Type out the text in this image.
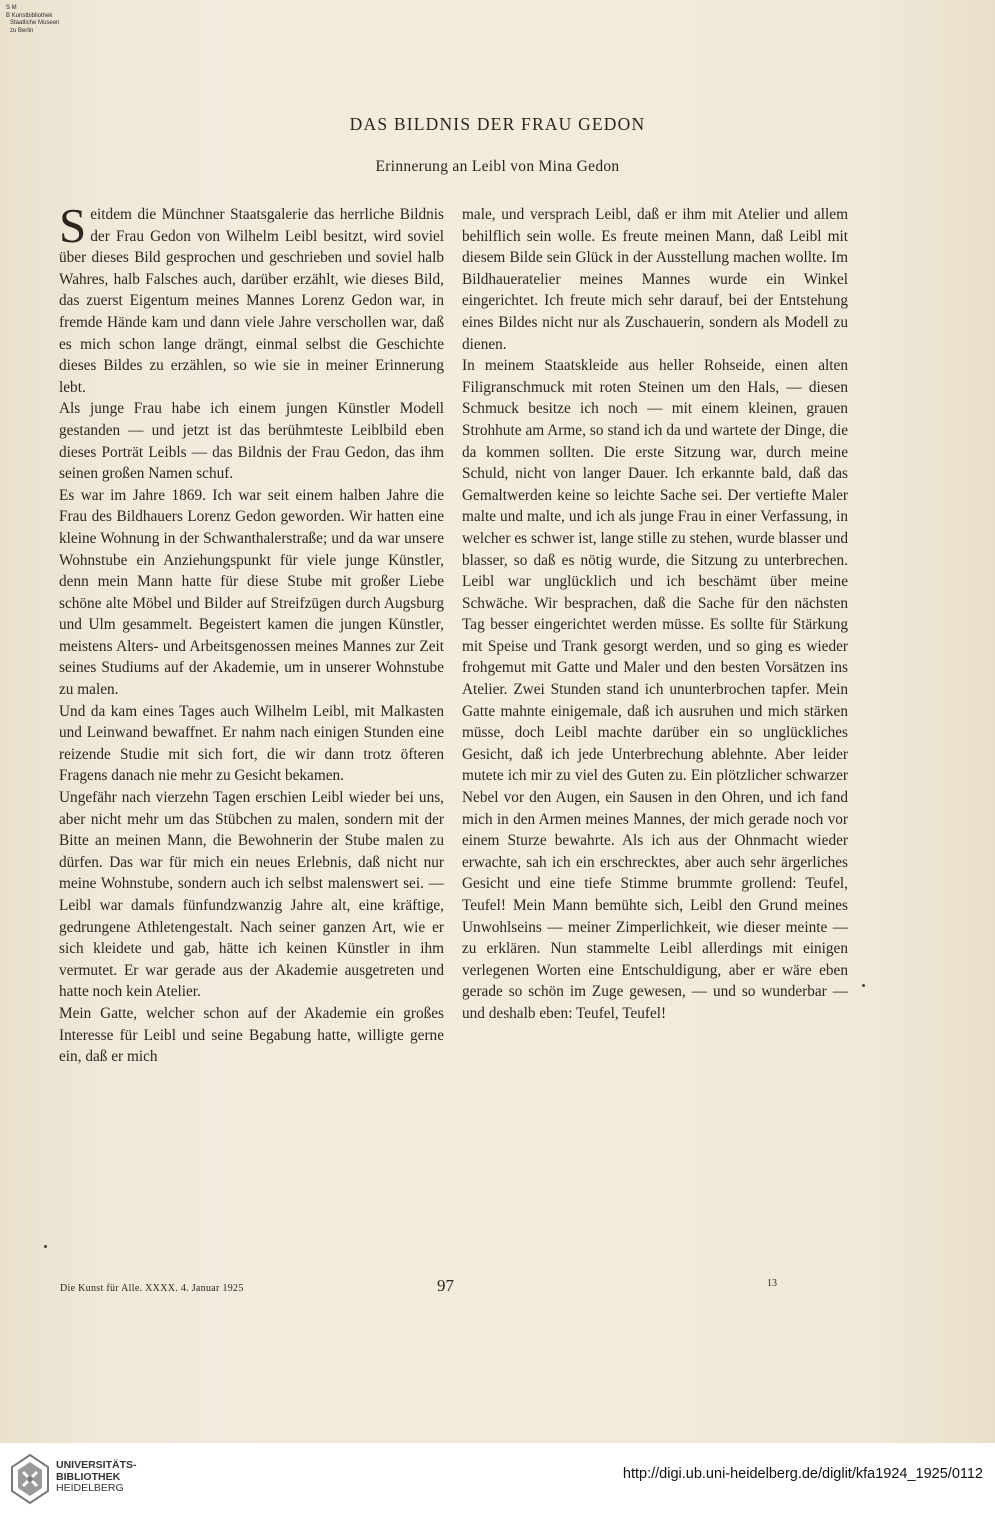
S M
B Kunstbibliothek
Staatliche Museen
zu Berlin
DAS BILDNIS DER FRAU GEDON
Erinnerung an Leibl von Mina Gedon

Seitdem die Münchner Staatsgalerie das herrliche Bildnis der Frau Gedon von Wilhelm Leibl besitzt, wird soviel über dieses Bild gesprochen und geschrieben und soviel halb Wahres, halb Falsches auch, darüber erzählt, wie dieses Bild, das zuerst Eigentum meines Mannes Lorenz Gedon war, in fremde Hände kam und dann viele Jahre verschollen war, daß es mich schon lange drängt, einmal selbst die Geschichte dieses Bildes zu erzählen, so wie sie in meiner Erinnerung lebt.

Als junge Frau habe ich einem jungen Künstler Modell gestanden — und jetzt ist das berühmteste Leiblbild eben dieses Porträt Leibls — das Bildnis der Frau Gedon, das ihm seinen großen Namen schuf.

Es war im Jahre 1869. Ich war seit einem halben Jahre die Frau des Bildhauers Lorenz Gedon geworden. Wir hatten eine kleine Wohnung in der Schwanthalerstraße; und da war unsere Wohnstube ein Anziehungspunkt für viele junge Künstler, denn mein Mann hatte für diese Stube mit großer Liebe schöne alte Möbel und Bilder auf Streifzügen durch Augsburg und Ulm gesammelt. Begeistert kamen die jungen Künstler, meistens Alters- und Arbeitsgenossen meines Mannes zur Zeit seines Studiums auf der Akademie, um in unserer Wohnstube zu malen.

Und da kam eines Tages auch Wilhelm Leibl, mit Malkasten und Leinwand bewaffnet. Er nahm nach einigen Stunden eine reizende Studie mit sich fort, die wir dann trotz öfteren Fragens danach nie mehr zu Gesicht bekamen.

Ungefähr nach vierzehn Tagen erschien Leibl wieder bei uns, aber nicht mehr um das Stübchen zu malen, sondern mit der Bitte an meinen Mann, die Bewohnerin der Stube malen zu dürfen. Das war für mich ein neues Erlebnis, daß nicht nur meine Wohnstube, sondern auch ich selbst malenswert sei. — Leibl war damals fünfundzwanzig Jahre alt, eine kräftige, gedrungene Athletengestalt. Nach seiner ganzen Art, wie er sich kleidete und gab, hätte ich keinen Künstler in ihm vermutet. Er war gerade aus der Akademie ausgetreten und hatte noch kein Atelier.

Mein Gatte, welcher schon auf der Akademie ein großes Interesse für Leibl und seine Begabung hatte, willigte gerne ein, daß er mich

male, und versprach Leibl, daß er ihm mit Atelier und allem behilflich sein wolle. Es freute meinen Mann, daß Leibl mit diesem Bilde sein Glück in der Ausstellung machen wollte. Im Bildhaueratelier meines Mannes wurde ein Winkel eingerichtet. Ich freute mich sehr darauf, bei der Entstehung eines Bildes nicht nur als Zuschauerin, sondern als Modell zu dienen.

In meinem Staatskleide aus heller Rohseide, einen alten Filigranschmuck mit roten Steinen um den Hals, — diesen Schmuck besitze ich noch — mit einem kleinen, grauen Strohhute am Arme, so stand ich da und wartete der Dinge, die da kommen sollten. Die erste Sitzung war, durch meine Schuld, nicht von langer Dauer. Ich erkannte bald, daß das Gemaltwerden keine so leichte Sache sei. Der vertiefte Maler malte und malte, und ich als junge Frau in einer Verfassung, in welcher es schwer ist, lange stille zu stehen, wurde blasser und blasser, so daß es nötig wurde, die Sitzung zu unterbrechen. Leibl war unglücklich und ich beschämt über meine Schwäche. Wir besprachen, daß die Sache für den nächsten Tag besser eingerichtet werden müsse. Es sollte für Stärkung mit Speise und Trank gesorgt werden, und so ging es wieder frohgemut mit Gatte und Maler und den besten Vorsätzen ins Atelier. Zwei Stunden stand ich ununterbrochen tapfer. Mein Gatte mahnte einigemale, daß ich ausruhen und mich stärken müsse, doch Leibl machte darüber ein so unglückliches Gesicht, daß ich jede Unterbrechung ablehnte. Aber leider mutete ich mir zu viel des Guten zu. Ein plötzlicher schwarzer Nebel vor den Augen, ein Sausen in den Ohren, und ich fand mich in den Armen meines Mannes, der mich gerade noch vor einem Sturze bewahrte. Als ich aus der Ohnmacht wieder erwachte, sah ich ein erschrecktes, aber auch sehr ärgerliches Gesicht und eine tiefe Stimme brummte grollend: Teufel, Teufel! Mein Mann bemühte sich, Leibl den Grund meines Unwohlseins — meiner Zimperlichkeit, wie dieser meinte — zu erklären. Nun stammelte Leibl allerdings mit einigen verlegenen Worten eine Entschuldigung, aber er wäre eben gerade so schön im Zuge gewesen, — und so wunderbar — und deshalb eben: Teufel, Teufel!

Die Kunst für Alle. XXXX. 4. Januar 1925	97	13
UNIVERSITÄTS-
BIBLIOTHEK
HEIDELBERG
http://digi.ub.uni-heidelberg.de/diglit/kfa1924_1925/0112
